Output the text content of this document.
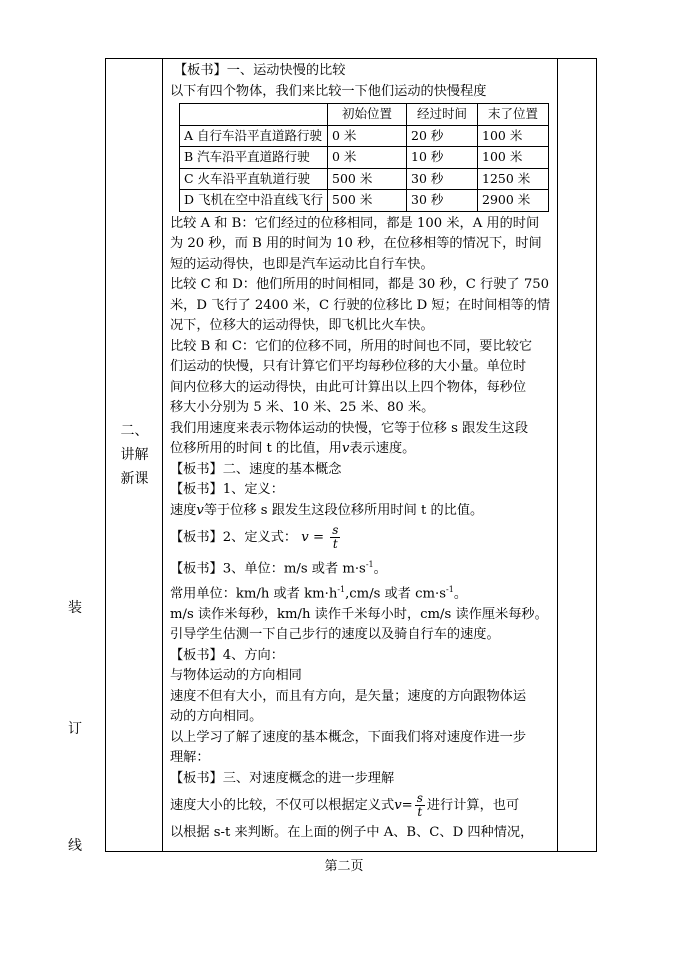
装
订
线
二、
讲解
新课

【板书】一、运动快慢的比较

以下有四个物体，我们来比较一下他们运动的快慢程度

	初始位置	经过时间	末了位置
A 自行车沿平直道路行驶	0 米	20 秒	100 米
B 汽车沿平直道路行驶	0 米	10 秒	100 米
C 火车沿平直轨道行驶	500 米	30 秒	1250 米
D 飞机在空中沿直线飞行	500 米	30 秒	2900 米

比较 A 和 B：它们经过的位移相同，都是 100 米，A 用的时间

为 20 秒，而 B 用的时间为 10 秒，在位移相等的情况下，时间

短的运动得快，也即是汽车运动比自行车快。

比较 C 和 D：他们所用的时间相同，都是 30 秒，C 行驶了 750

米，D 飞行了 2400 米，C 行驶的位移比 D 短；在时间相等的情

况下，位移大的运动得快，即飞机比火车快。

比较 B 和 C：它们的位移不同，所用的时间也不同，要比较它

们运动的快慢，只有计算它们平均每秒位移的大小量。单位时

间内位移大的运动得快，由此可计算出以上四个物体，每秒位

移大小分别为 5 米、10 米、25 米、80 米。

我们用速度来表示物体运动的快慢，它等于位移 s 跟发生这段

位移所用的时间 t 的比值，用v表示速度。

【板书】二、速度的基本概念

【板书】1、定义：

速度v等于位移 s 跟发生这段位移所用时间 t 的比值。

【板书】2、定义式： $v = \frac{s}{t}$

【板书】3、单位：m/s 或者 $m\cdot s^{-1}$。

常用单位：km/h 或者 $km\cdot h^{-1},cm/s$ 或者 $cm\cdot s^{-1}$。

m/s 读作米每秒，km/h 读作千米每小时，cm/s 读作厘米每秒。

引导学生估测一下自己步行的速度以及骑自行车的速度。

【板书】4、方向：

与物体运动的方向相同

速度不但有大小，而且有方向，是矢量；速度的方向跟物体运

动的方向相同。

以上学习了解了速度的基本概念，下面我们将对速度作进一步

理解：

【板书】三、对速度概念的进一步理解

速度大小的比较，不仅可以根据定义式$v= \frac{s}{t}$ 进行计算，也可

以根据 s-t 来判断。在上面的例子中 A、B、C、D 四种情况，

第二页
